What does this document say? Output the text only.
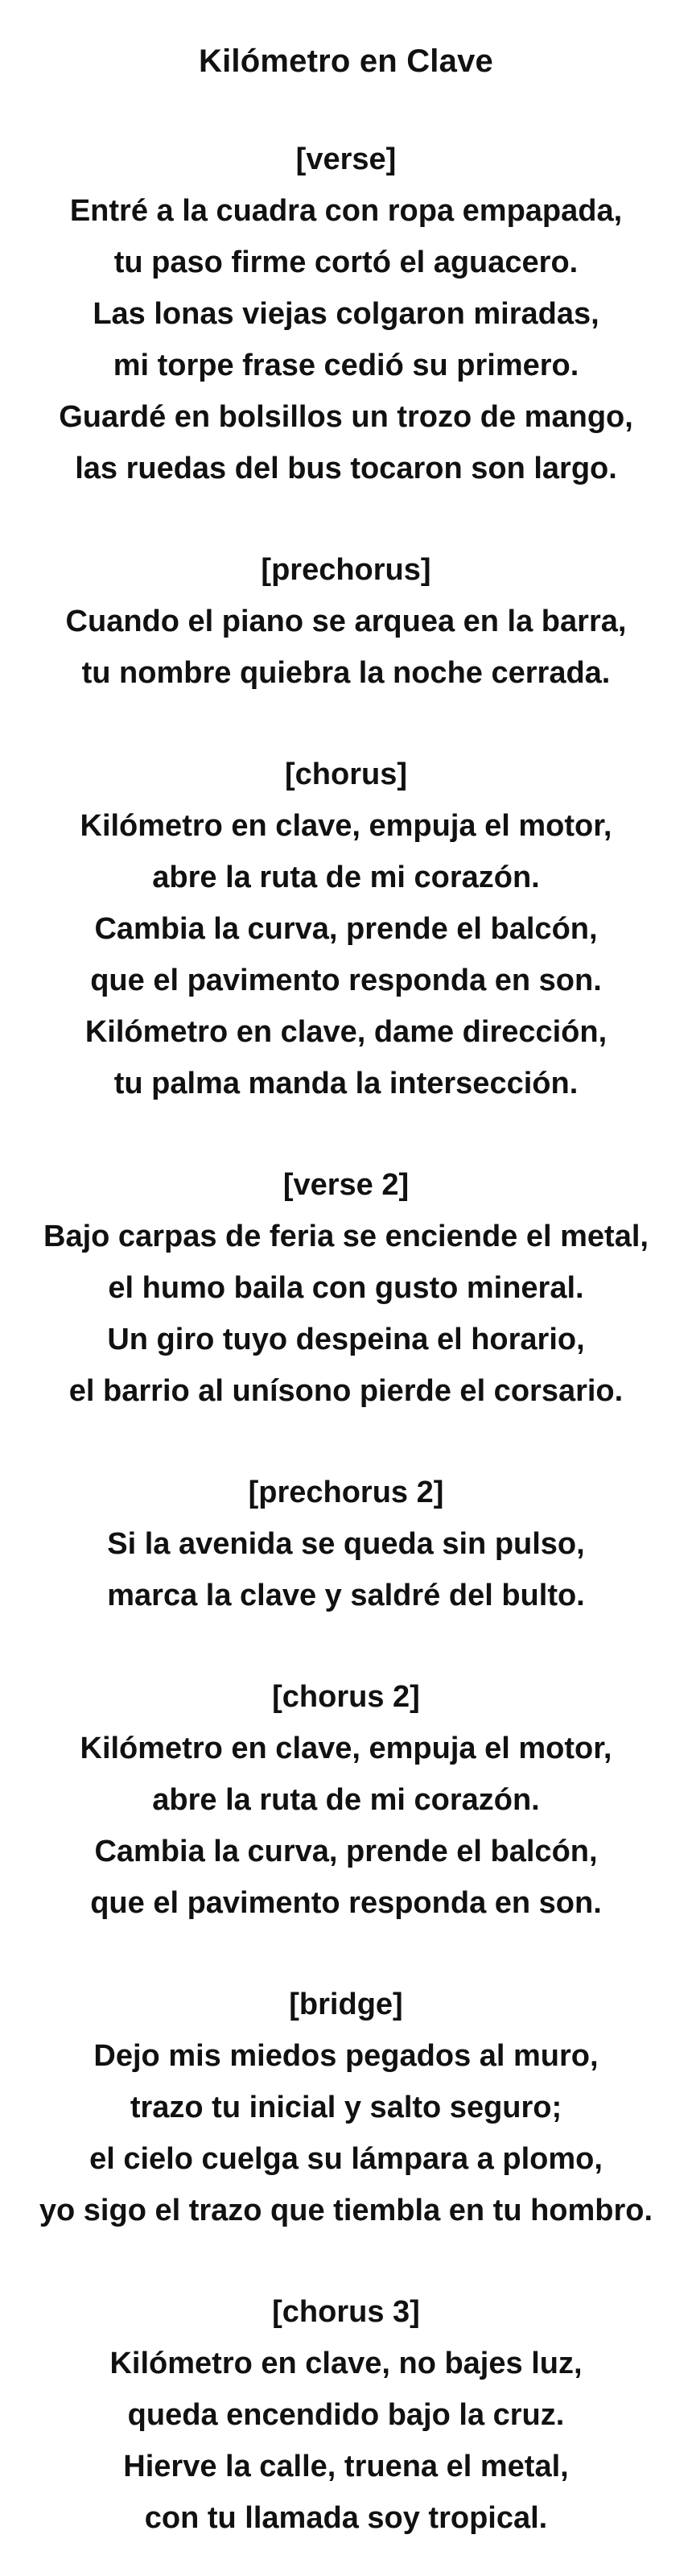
Kilómetro en Clave
[verse]
Entré a la cuadra con ropa empapada,
tu paso firme cortó el aguacero.
Las lonas viejas colgaron miradas,
mi torpe frase cedió su primero.
Guardé en bolsillos un trozo de mango,
las ruedas del bus tocaron son largo.
[prechorus]
Cuando el piano se arquea en la barra,
tu nombre quiebra la noche cerrada.
[chorus]
Kilómetro en clave, empuja el motor,
abre la ruta de mi corazón.
Cambia la curva, prende el balcón,
que el pavimento responda en son.
Kilómetro en clave, dame dirección,
tu palma manda la intersección.
[verse 2]
Bajo carpas de feria se enciende el metal,
el humo baila con gusto mineral.
Un giro tuyo despeina el horario,
el barrio al unísono pierde el corsario.
[prechorus 2]
Si la avenida se queda sin pulso,
marca la clave y saldré del bulto.
[chorus 2]
Kilómetro en clave, empuja el motor,
abre la ruta de mi corazón.
Cambia la curva, prende el balcón,
que el pavimento responda en son.
[bridge]
Dejo mis miedos pegados al muro,
trazo tu inicial y salto seguro;
el cielo cuelga su lámpara a plomo,
yo sigo el trazo que tiembla en tu hombro.
[chorus 3]
Kilómetro en clave, no bajes luz,
queda encendido bajo la cruz.
Hierve la calle, truena el metal,
con tu llamada soy tropical.
